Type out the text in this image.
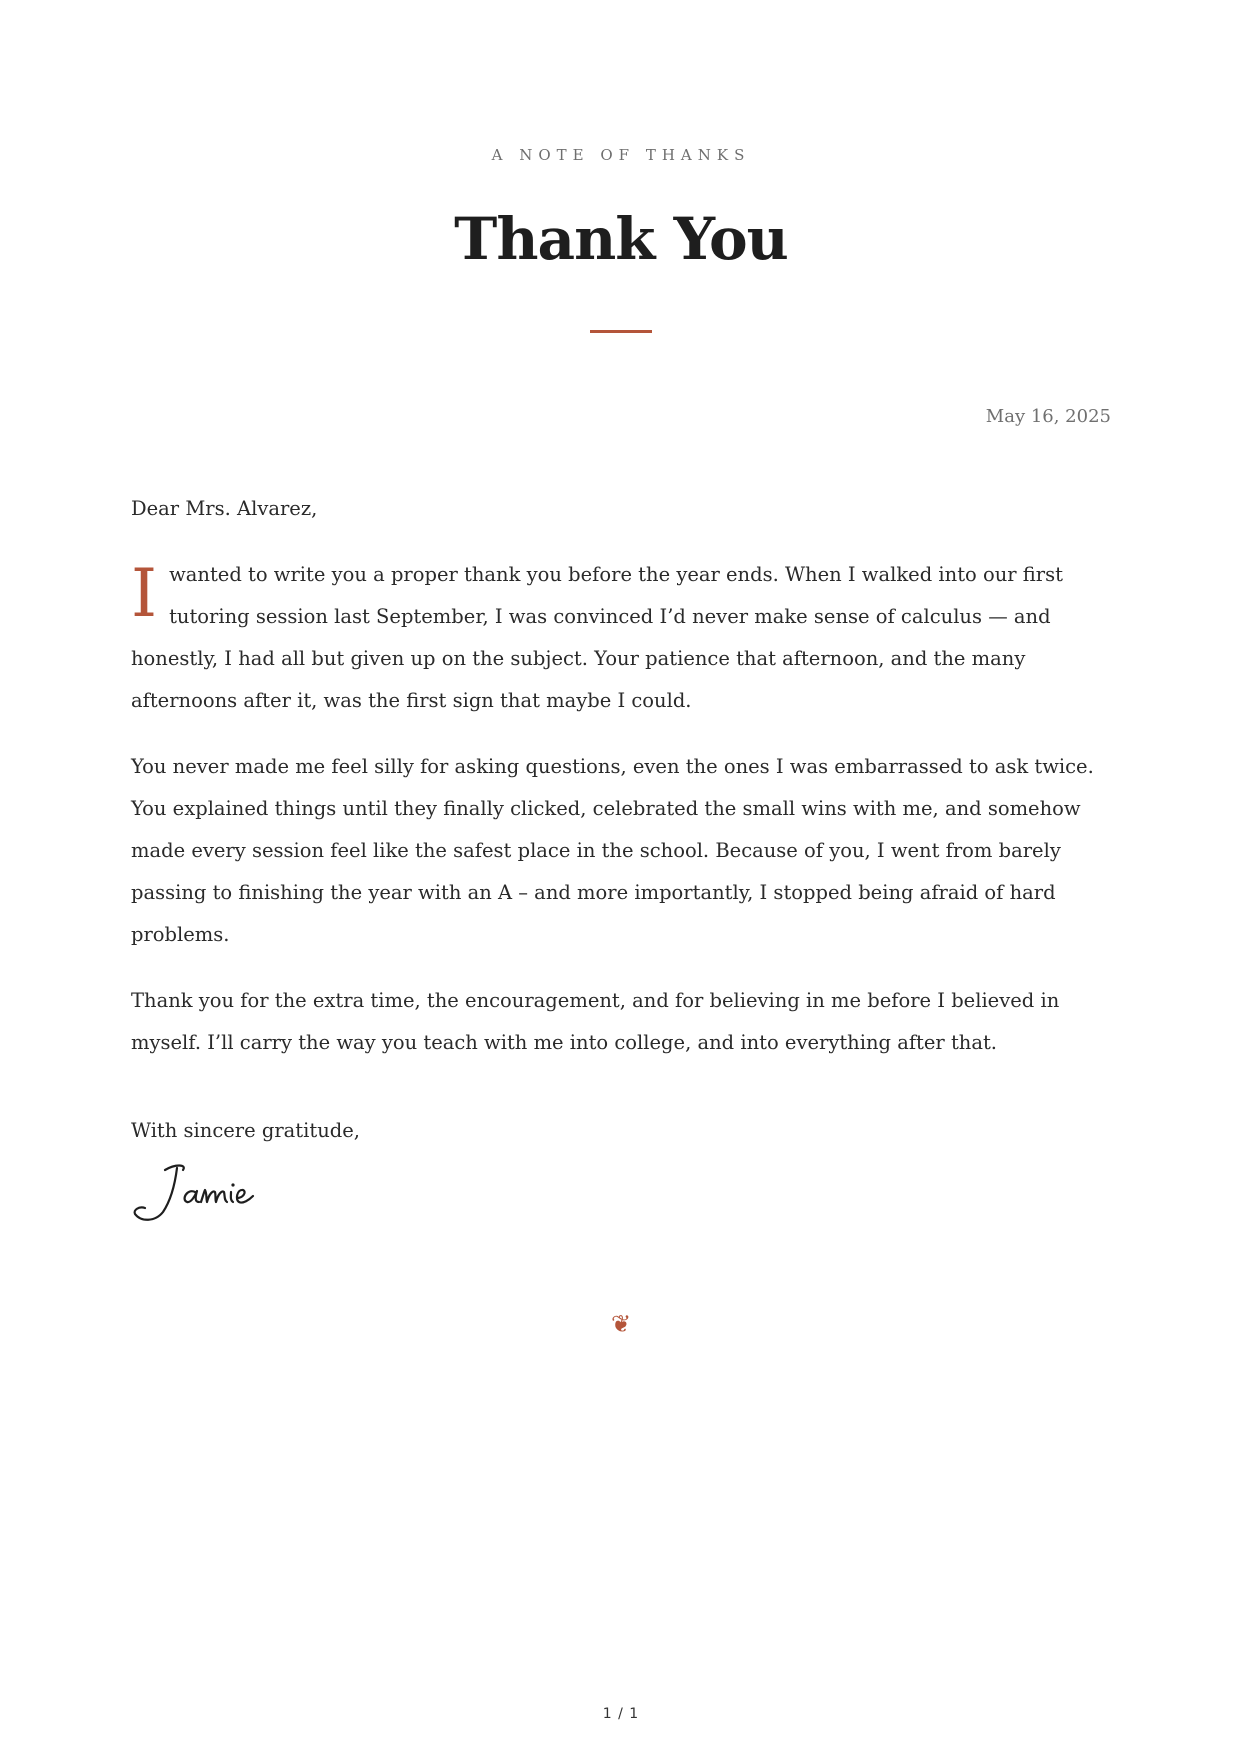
A NOTE OF THANKS
Thank You
May 16, 2025

Dear Mrs. Alvarez,

Iwanted to write you a proper thank you before the year ends. When I walked into our first tutoring session last September, I was convinced I’d never make sense of calculus — and honestly, I had all but given up on the subject. Your patience that afternoon, and the many afternoons after it, was the first sign that maybe I could.

You never made me feel silly for asking questions, even the ones I was embarrassed to ask twice. You explained things until they finally clicked, celebrated the small wins with me, and somehow made every session feel like the safest place in the school. Because of you, I went from barely passing to finishing the year with an A – and more importantly, I stopped being afraid of hard problems.

Thank you for the extra time, the encouragement, and for believing in me before I believed in myself. I’ll carry the way you teach with me into college, and into everything after that.

With sincere gratitude,
❦
1 / 1
